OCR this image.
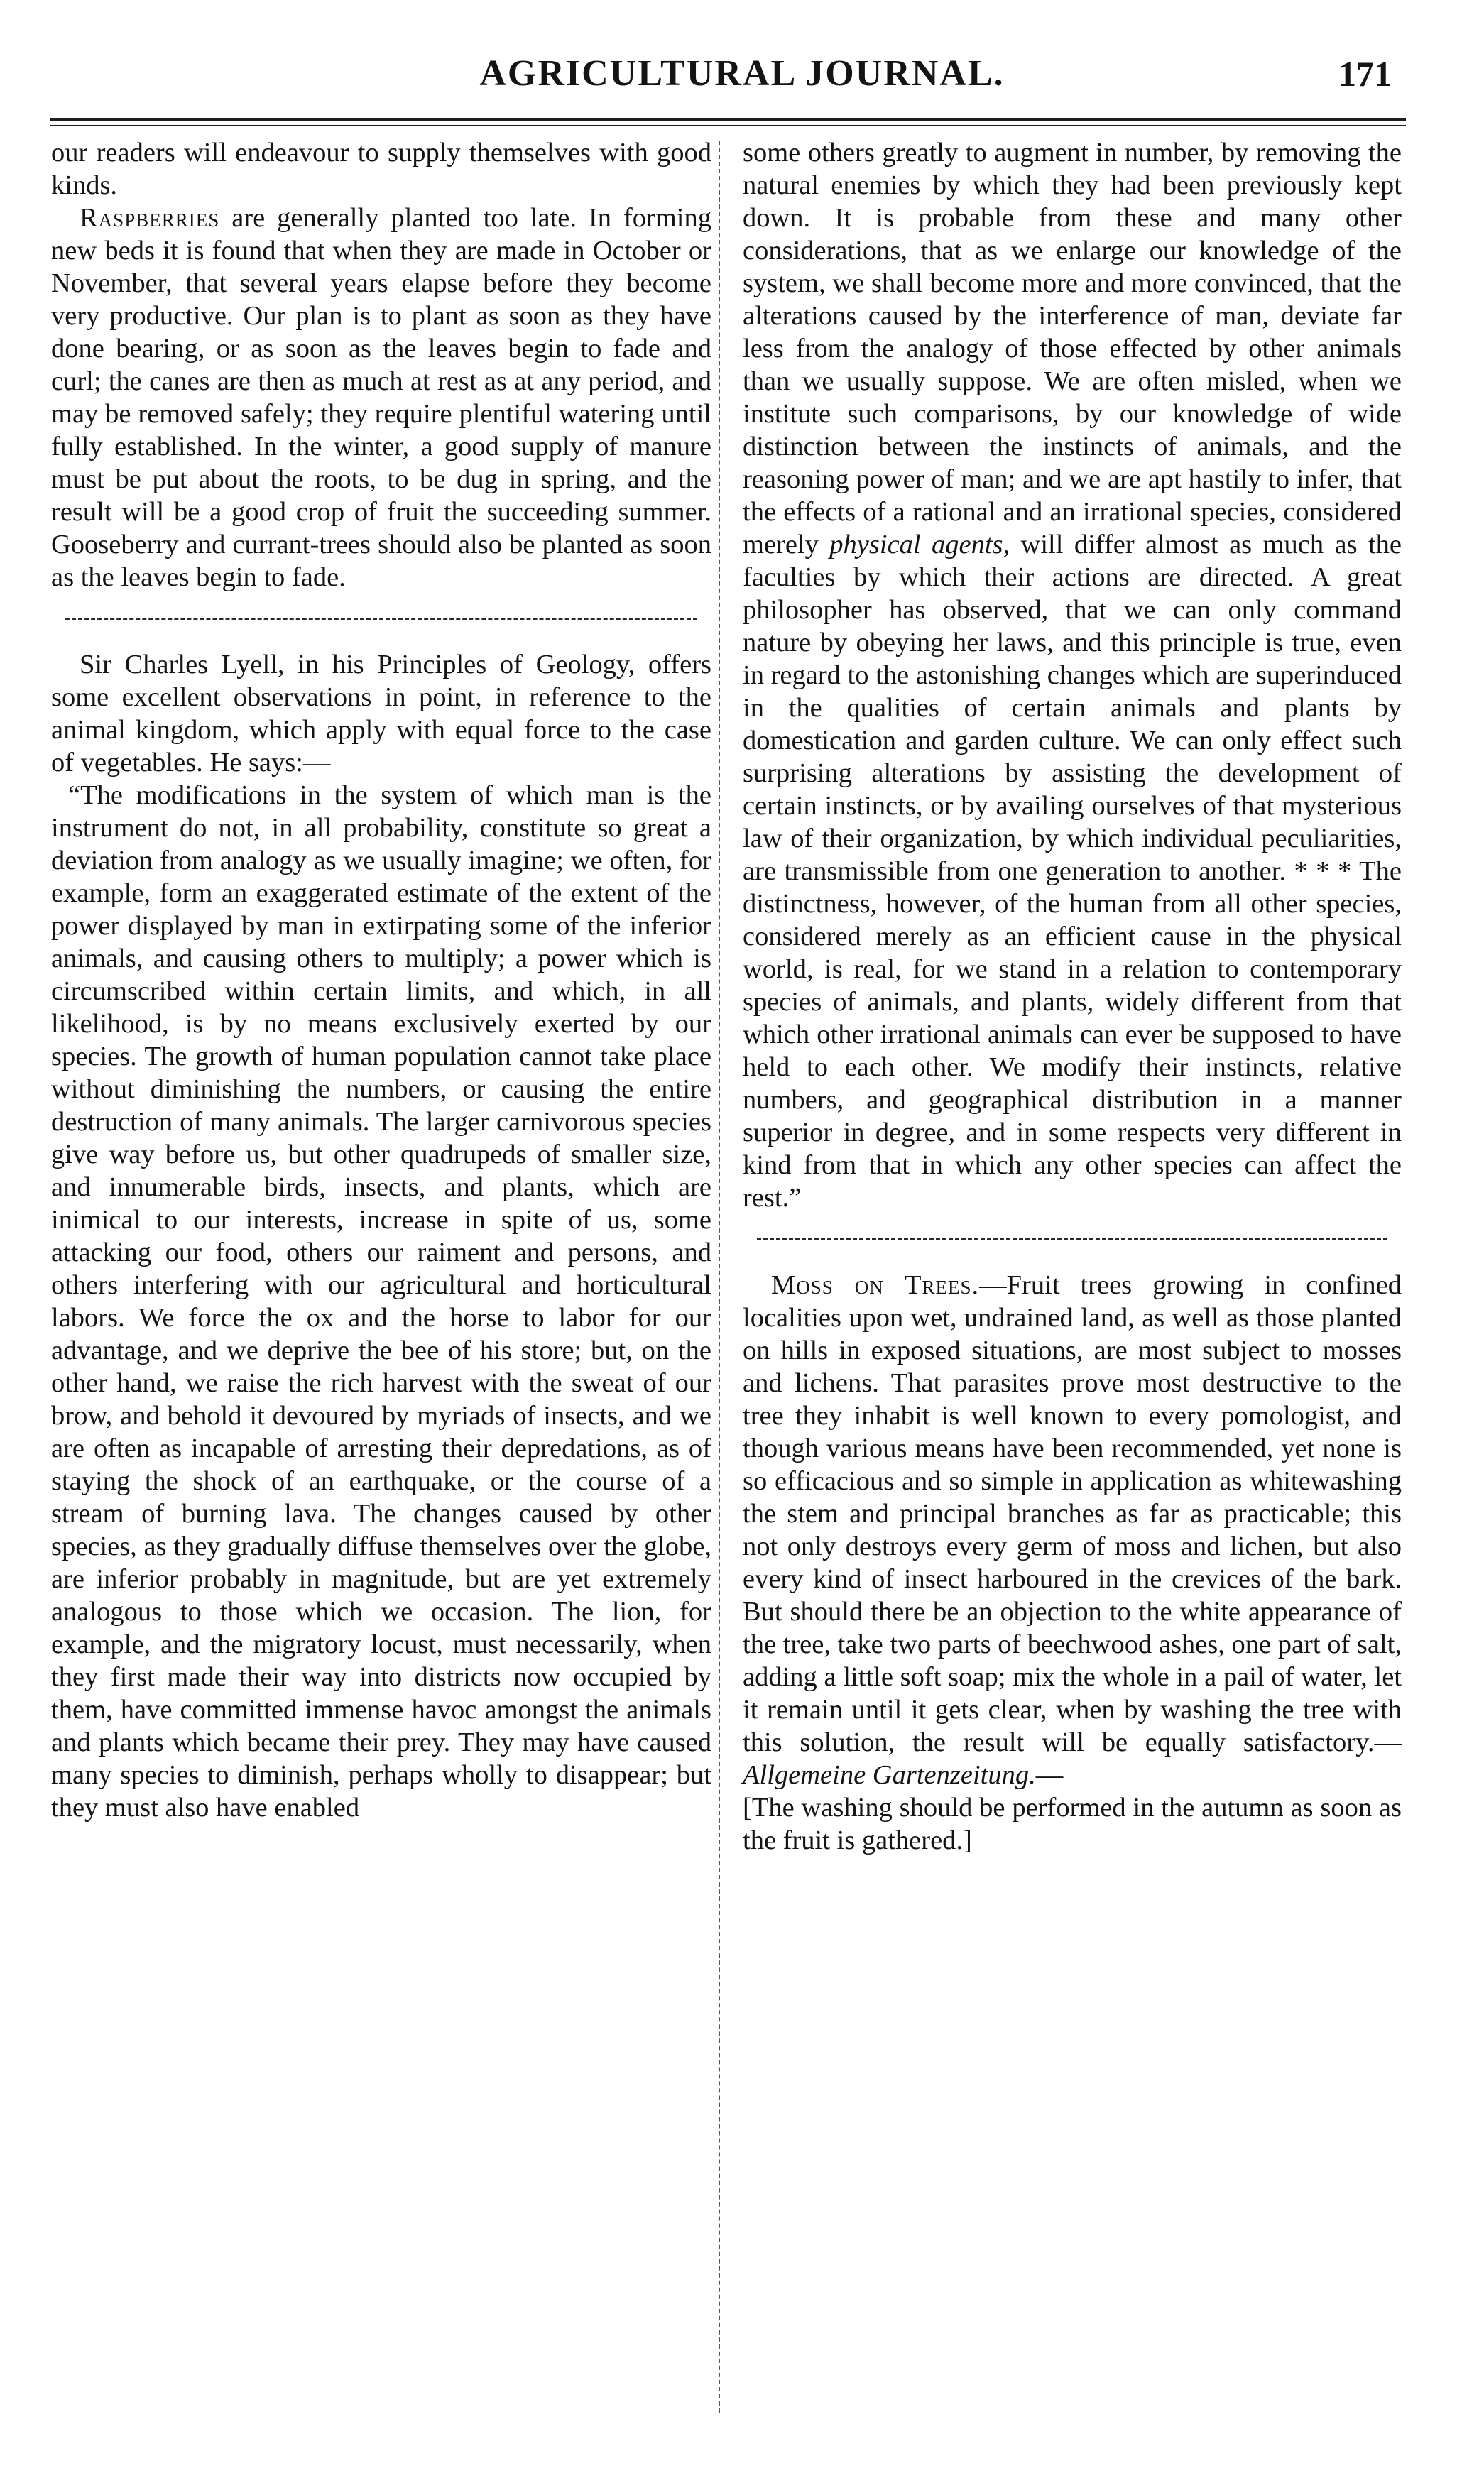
AGRICULTURAL JOURNAL.	171

our readers will endeavour to supply themselves with good kinds.

Raspberries are generally planted too late. In forming new beds it is found that when they are made in October or November, that several years elapse before they become very productive. Our plan is to plant as soon as they have done bearing, or as soon as the leaves begin to fade and curl; the canes are then as much at rest as at any period, and may be removed safely; they require plentiful watering until fully established. In the winter, a good supply of manure must be put about the roots, to be dug in spring, and the result will be a good crop of fruit the succeeding summer. Gooseberry and currant-trees should also be planted as soon as the leaves begin to fade.

Sir Charles Lyell, in his Principles of Geology, offers some excellent observations in point, in reference to the animal kingdom, which apply with equal force to the case of vegetables. He says:—

“The modifications in the system of which man is the instrument do not, in all probability, constitute so great a deviation from analogy as we usually imagine; we often, for example, form an exaggerated estimate of the extent of the power displayed by man in extirpating some of the inferior animals, and causing others to multiply; a power which is circumscribed within certain limits, and which, in all likelihood, is by no means exclusively exerted by our species. The growth of human population cannot take place without diminishing the numbers, or causing the entire destruction of many animals. The larger carnivorous species give way before us, but other quadrupeds of smaller size, and innumerable birds, insects, and plants, which are inimical to our interests, increase in spite of us, some attacking our food, others our raiment and persons, and others interfering with our agricultural and horticultural labors. We force the ox and the horse to labor for our advantage, and we deprive the bee of his store; but, on the other hand, we raise the rich harvest with the sweat of our brow, and behold it devoured by myriads of insects, and we are often as incapable of arresting their depredations, as of staying the shock of an earthquake, or the course of a stream of burning lava. The changes caused by other species, as they gradually diffuse themselves over the globe, are inferior probably in magnitude, but are yet extremely analogous to those which we occasion. The lion, for example, and the migratory locust, must necessarily, when they first made their way into districts now occupied by them, have committed immense havoc amongst the animals and plants which became their prey. They may have caused many species to diminish, perhaps wholly to disappear; but they must also have enabled

some others greatly to augment in number, by removing the natural enemies by which they had been previously kept down. It is probable from these and many other considerations, that as we enlarge our knowledge of the system, we shall become more and more convinced, that the alterations caused by the interference of man, deviate far less from the analogy of those effected by other animals than we usually suppose. We are often misled, when we institute such comparisons, by our knowledge of wide distinction between the instincts of animals, and the reasoning power of man; and we are apt hastily to infer, that the effects of a rational and an irrational species, considered merely physical agents, will differ almost as much as the faculties by which their actions are directed. A great philosopher has observed, that we can only command nature by obeying her laws, and this principle is true, even in regard to the astonishing changes which are superinduced in the qualities of certain animals and plants by domestication and garden culture. We can only effect such surprising alterations by assisting the development of certain instincts, or by availing ourselves of that mysterious law of their organization, by which individual peculiarities, are transmissible from one generation to another. * * * The distinctness, however, of the human from all other species, considered merely as an efficient cause in the physical world, is real, for we stand in a relation to contemporary species of animals, and plants, widely different from that which other irrational animals can ever be supposed to have held to each other. We modify their instincts, relative numbers, and geographical distribution in a manner superior in degree, and in some respects very different in kind from that in which any other species can affect the rest.”

Moss on Trees.—Fruit trees growing in confined localities upon wet, undrained land, as well as those planted on hills in exposed situations, are most subject to mosses and lichens. That parasites prove most destructive to the tree they inhabit is well known to every pomologist, and though various means have been recommended, yet none is so efficacious and so simple in application as whitewashing the stem and principal branches as far as practicable; this not only destroys every germ of moss and lichen, but also every kind of insect harboured in the crevices of the bark. But should there be an objection to the white appearance of the tree, take two parts of beechwood ashes, one part of salt, adding a little soft soap; mix the whole in a pail of water, let it remain until it gets clear, when by washing the tree with this solution, the result will be equally satisfactory.—Allgemeine Gartenzeitung.—
[The washing should be performed in the autumn as soon as the fruit is gathered.]
